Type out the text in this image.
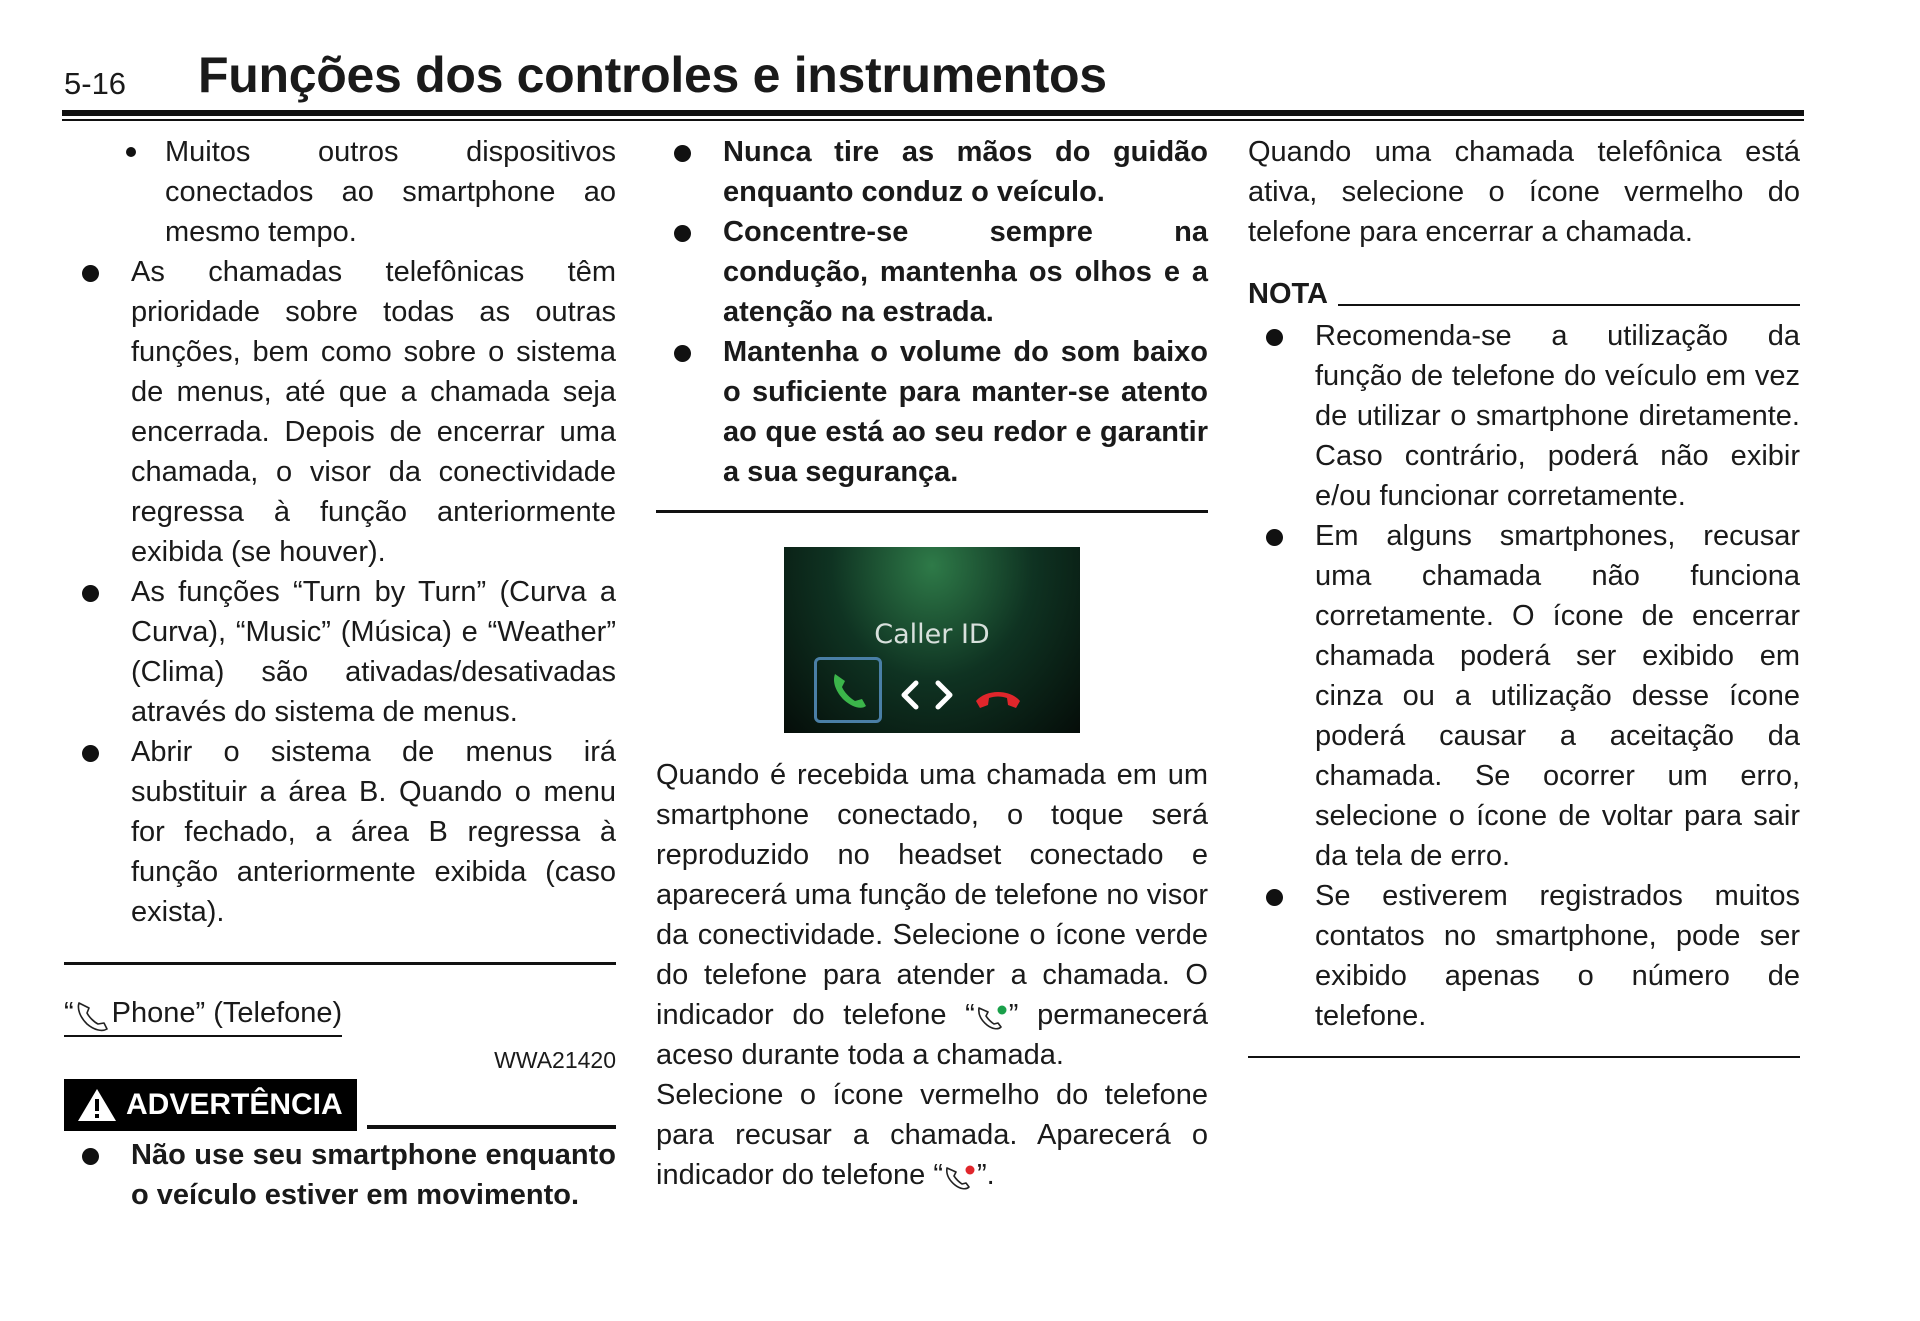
5-16 Funções dos controles e instrumentos
Muitos outros dispositivos conectados ao smartphone ao mesmo tempo.
As chamadas telefônicas têm prioridade sobre todas as outras funções, bem como sobre o sistema de menus, até que a chamada seja encerrada. Depois de encerrar uma chamada, o visor da conectividade regressa à função anteriormente exibida (se houver).
As funções “Turn by Turn” (Curva a Curva), “Music” (Música) e “Weather” (Clima) são ativadas/desativadas através do sistema de menus.
Abrir o sistema de menus irá substituir a área B. Quando o menu for fechado, a área B regressa à função anteriormente exibida (caso exista).
“ Phone” (Telefone)
WWA21420
ADVERTÊNCIA
Não use seu smartphone enquanto o veículo estiver em movimento.
Nunca tire as mãos do guidão enquanto conduz o veículo.
Concentre-se sempre na condução, mantenha os olhos e a atenção na estrada.
Mantenha o volume do som baixo o suficiente para manter-se atento ao que está ao seu redor e garantir a sua segurança.
Caller ID

Quando é recebida uma chamada em um smartphone conectado, o toque será reproduzido no headset conectado e aparecerá uma função de telefone no visor da conectividade. Selecione o ícone verde do telefone para atender a chamada. O indicador do telefone “ ” permanecerá aceso durante toda a chamada.

Selecione o ícone vermelho do telefone para recusar a chamada. Aparecerá o indicador do telefone “ ”.

Quando uma chamada telefônica está ativa, selecione o ícone vermelho do telefone para encerrar a chamada.

NOTA
Recomenda-se a utilização da função de telefone do veículo em vez de utilizar o smartphone diretamente. Caso contrário, poderá não exibir e/ou funcionar corretamente.
Em alguns smartphones, recusar uma chamada não funciona corretamente. O ícone de encerrar chamada poderá ser exibido em cinza ou a utilização desse ícone poderá causar a aceitação da chamada. Se ocorrer um erro, selecione o ícone de voltar para sair da tela de erro.
Se estiverem registrados muitos contatos no smartphone, pode ser exibido apenas o número de telefone.
